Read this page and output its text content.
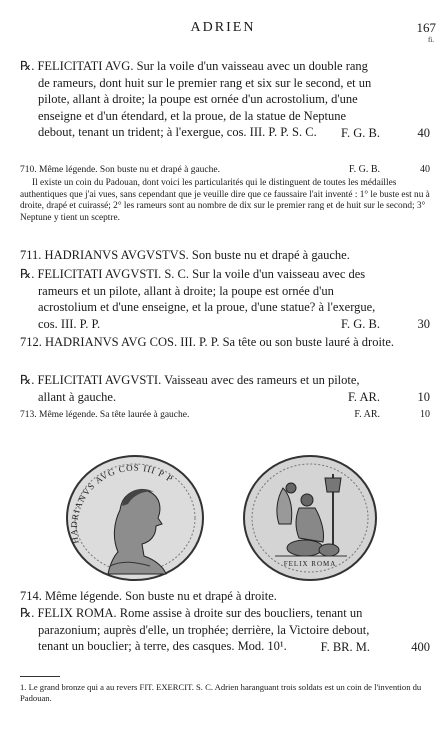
ADRIEN	167
fi.
℞. FELICITATI AVG. Sur la voile d'un vaisseau avec un double rang de rameurs, dont huit sur le premier rang et six sur le second, et un pilote, allant à droite; la poupe est ornée d'un acrostolium, d'une enseigne et d'un étendard, et la proue, de la statue de Neptune debout, tenant un trident; à l'exergue, cos. III. P. P. S. C.	F. G. B.	40
710. Même légende. Son buste nu et drapé à gauche.	F. G. B.	40
Il existe un coin du Padouan, dont voici les particularités qui le distinguent de toutes les médailles authentiques que j'ai vues, sans cependant que je veuille dire que ce faussaire l'ait inventé : 1° le buste est nu à droite, drapé et cuirassé; 2° les rameurs sont au nombre de dix sur le premier rang et de huit sur le second; 3° Neptune y tient un sceptre.
711. HADRIANVS AVGVSTVS. Son buste nu et drapé à gauche.
℞. FELICITATI AVGVSTI. S. C. Sur la voile d'un vaisseau avec des rameurs et un pilote, allant à droite; la poupe est ornée d'un acrostolium et d'une enseigne, et la proue, d'une statue? à l'exergue, cos. III. P. P.	F. G. B.	30
712. HADRIANVS AVG COS. III. P. P. Sa tête ou son buste lauré à droite.
℞. FELICITATI AVGVSTI. Vaisseau avec des rameurs et un pilote, allant à gauche.	F. AR.	10
713. Même légende. Sa tête laurée à gauche.	F. AR.	10
HADRIANVS AVG COS III P P
FELIX ROMA
714. Même légende. Son buste nu et drapé à droite.
℞. FELIX ROMA. Rome assise à droite sur des boucliers, tenant un parazonium; auprès d'elle, un trophée; derrière, la Victoire debout, tenant un bouclier; à terre, des casques. Mod. 10¹.	F. BR. M.	400
1. Le grand bronze qui a au revers FIT. EXERCIT. S. C. Adrien haranguant trois soldats est un coin de l'invention du Padouan.
